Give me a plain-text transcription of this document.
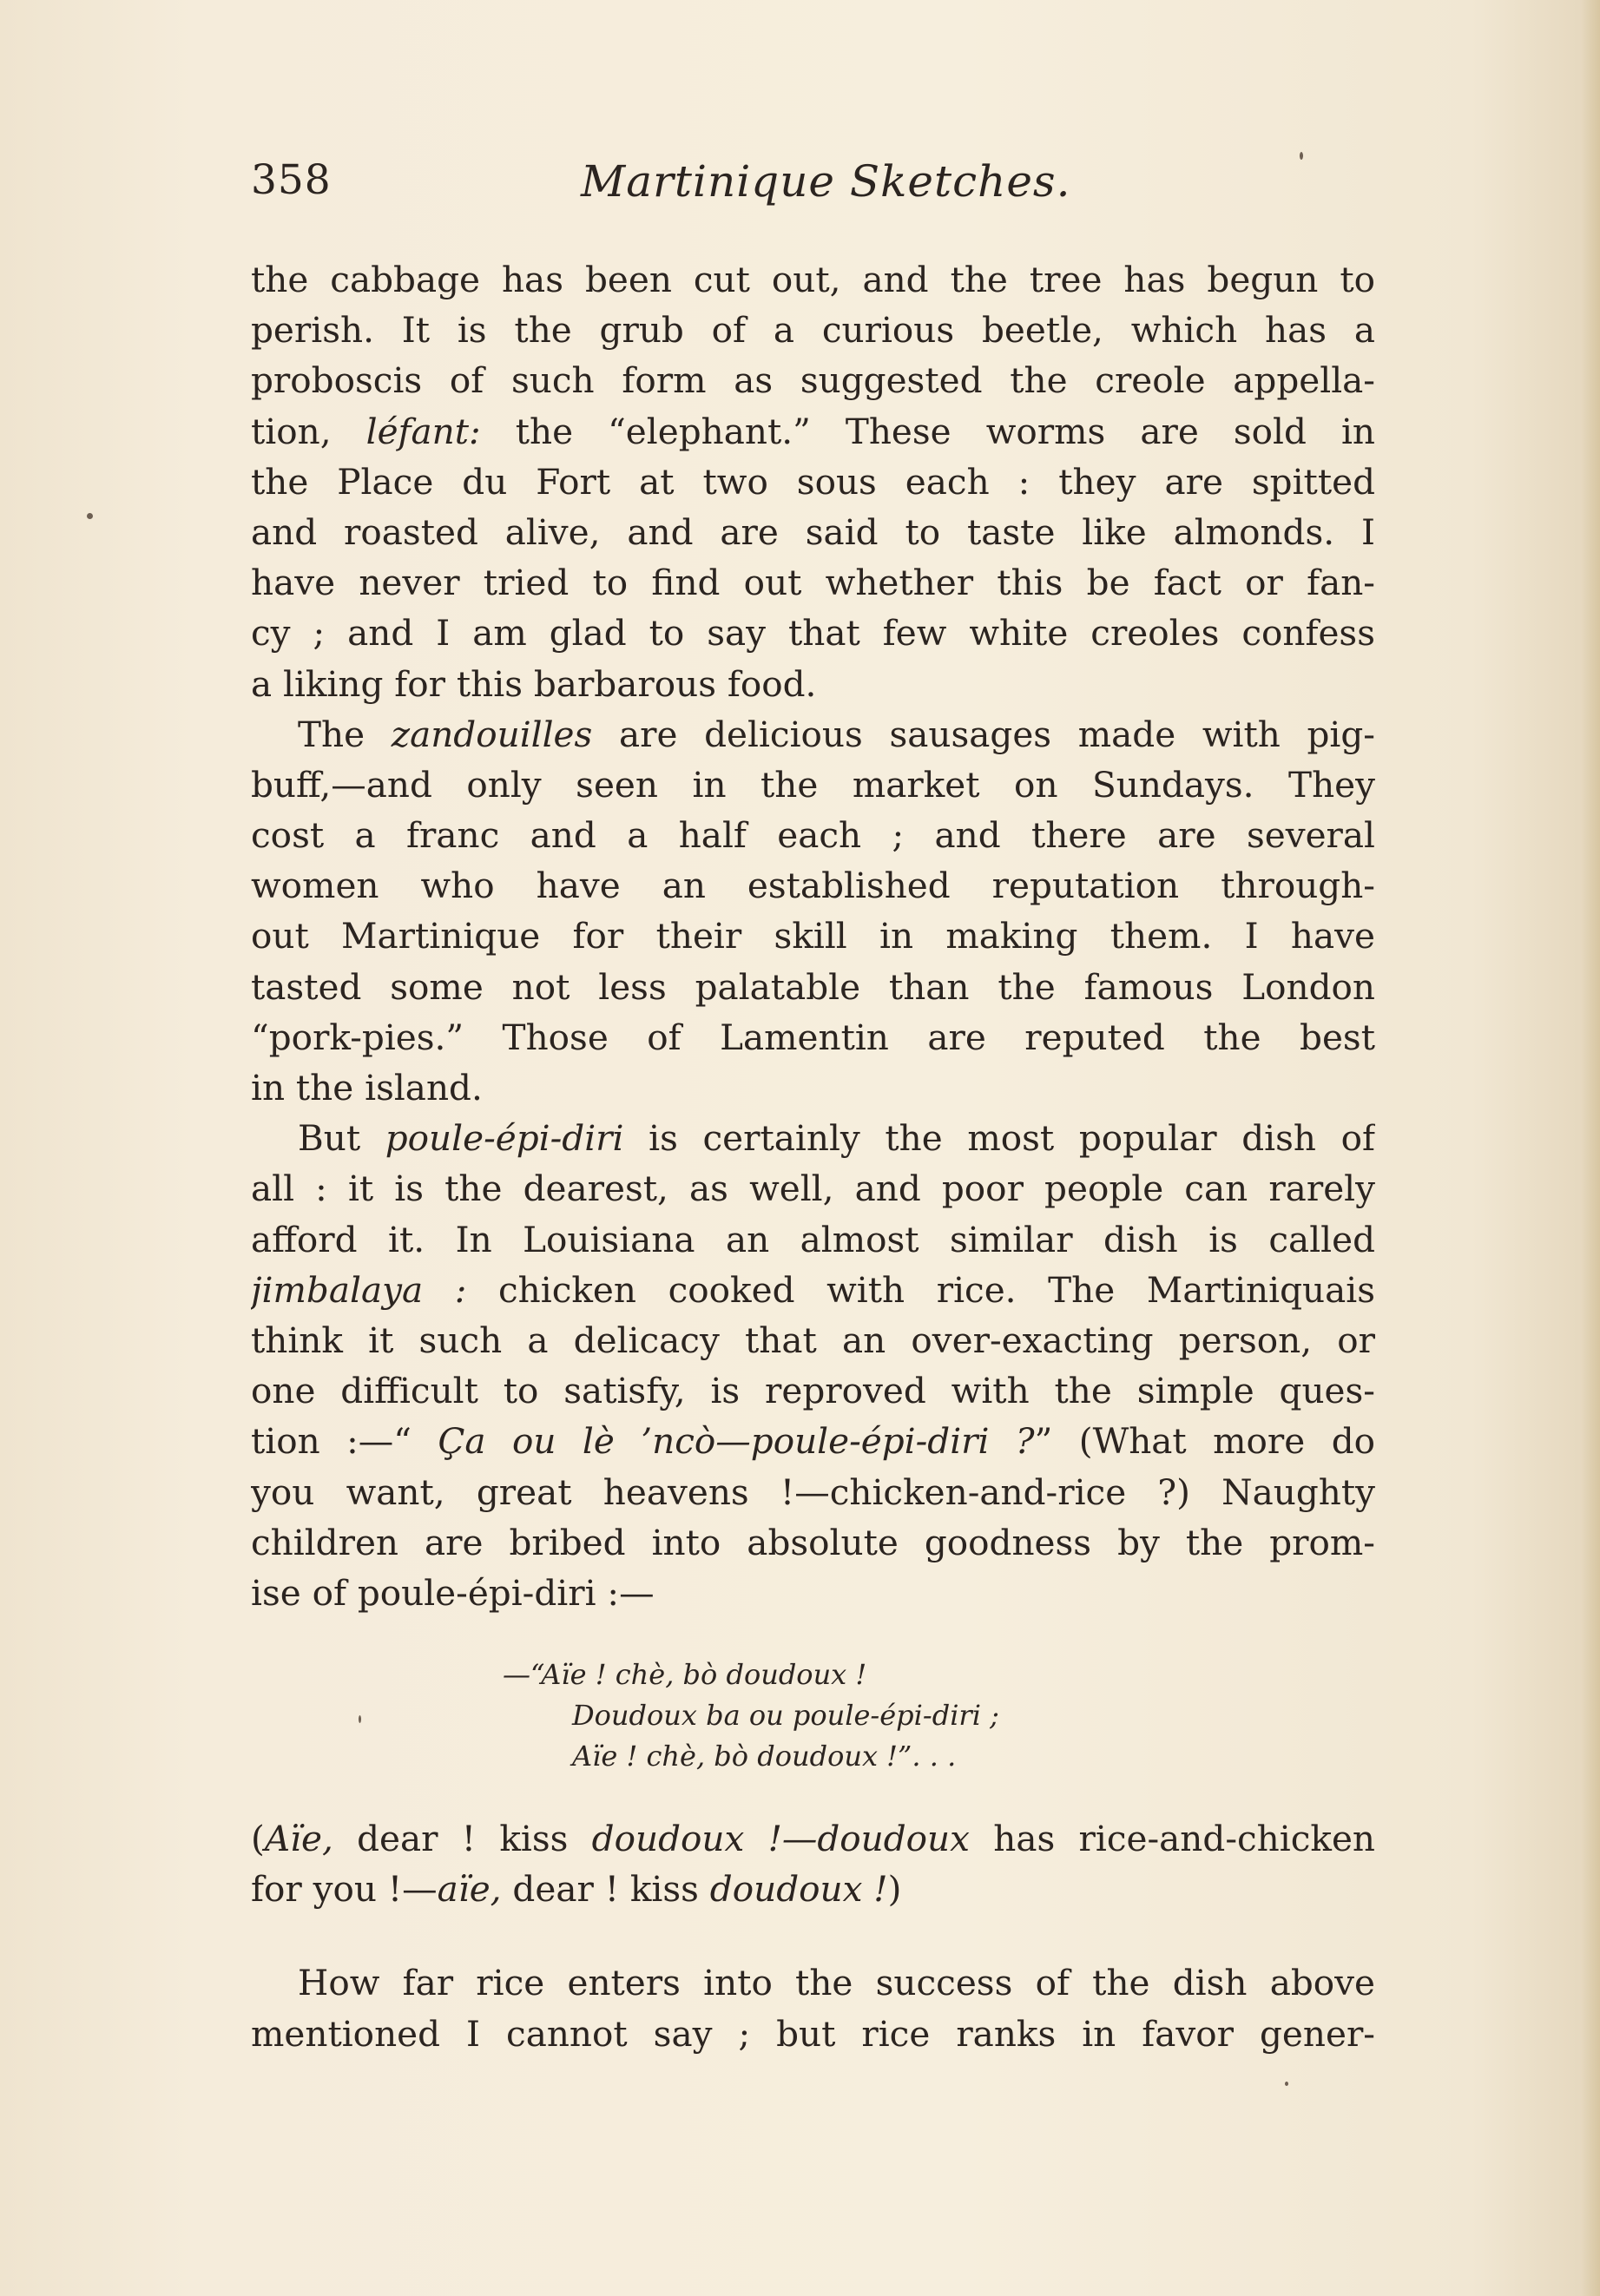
358	Martinique Sketches.
the cabbage has been cut out, and the tree has begun to
perish. It is the grub of a curious beetle, which has a
proboscis of such form as suggested the creole appella-
tion, léfant: the “elephant.” These worms are sold in
the Place du Fort at two sous each : they are spitted
and roasted alive, and are said to taste like almonds. I
have never tried to find out whether this be fact or fan-
cy ; and I am glad to say that few white creoles confess
a liking for this barbarous food.
The zandouilles are delicious sausages made with pig-
buff,—and only seen in the market on Sundays. They
cost a franc and a half each ; and there are several
women who have an established reputation through-
out Martinique for their skill in making them. I have
tasted some not less palatable than the famous London
“pork-pies.” Those of Lamentin are reputed the best
in the island.
But poule-épi-diri is certainly the most popular dish of
all : it is the dearest, as well, and poor people can rarely
afford it. In Louisiana an almost similar dish is called
jimbalaya : chicken cooked with rice. The Martiniquais
think it such a delicacy that an over-exacting person, or
one difficult to satisfy, is reproved with the simple ques-
tion :—“ Ça ou lè ’ncò—poule-épi-diri ?” (What more do
you want, great heavens !—chicken-and-rice ?) Naughty
children are bribed into absolute goodness by the prom-
ise of poule-épi-diri :—
—“Aïe ! chè, bò doudoux !
Doudoux ba ou poule-épi-diri ;
Aïe ! chè, bò doudoux !”. . .
(Aïe, dear ! kiss doudoux !—doudoux has rice-and-chicken
for you !—aïe, dear ! kiss doudoux !)
How far rice enters into the success of the dish above
mentioned I cannot say ; but rice ranks in favor gener-
